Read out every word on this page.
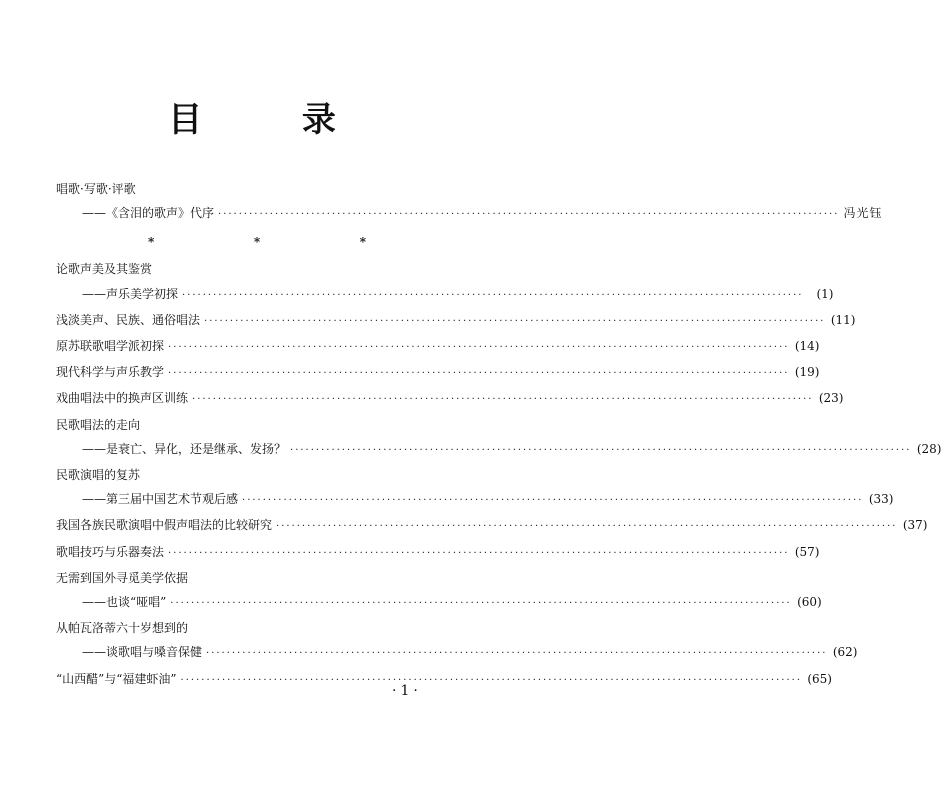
目 录
唱歌·写歌·评歌
——《含泪的歌声》代序 ························································································································ 冯光钰
*	*	*
论歌声美及其鉴赏
——声乐美学初探 ························································································································	(1)
浅淡美声、民族、通俗唱法 ························································································································ (11)
原苏联歌唱学派初探 ························································································································ (14)
现代科学与声乐教学 ························································································································ (19)
戏曲唱法中的换声区训练 ························································································································ (23)
民歌唱法的走向
——是衰亡、异化，还是继承、发扬？ ························································································································ (28)
民歌演唱的复苏
——第三届中国艺术节观后感 ························································································································ (33)
我国各族民歌演唱中假声唱法的比较研究 ························································································································ (37)
歌唱技巧与乐器奏法 ························································································································ (57)
无需到国外寻觅美学依据
——也谈“哑唱” ························································································································ (60)
从帕瓦洛蒂六十岁想到的
——谈歌唱与嗓音保健 ························································································································ (62)
“山西醋”与“福建虾油” ························································································································ (65)
·1·
